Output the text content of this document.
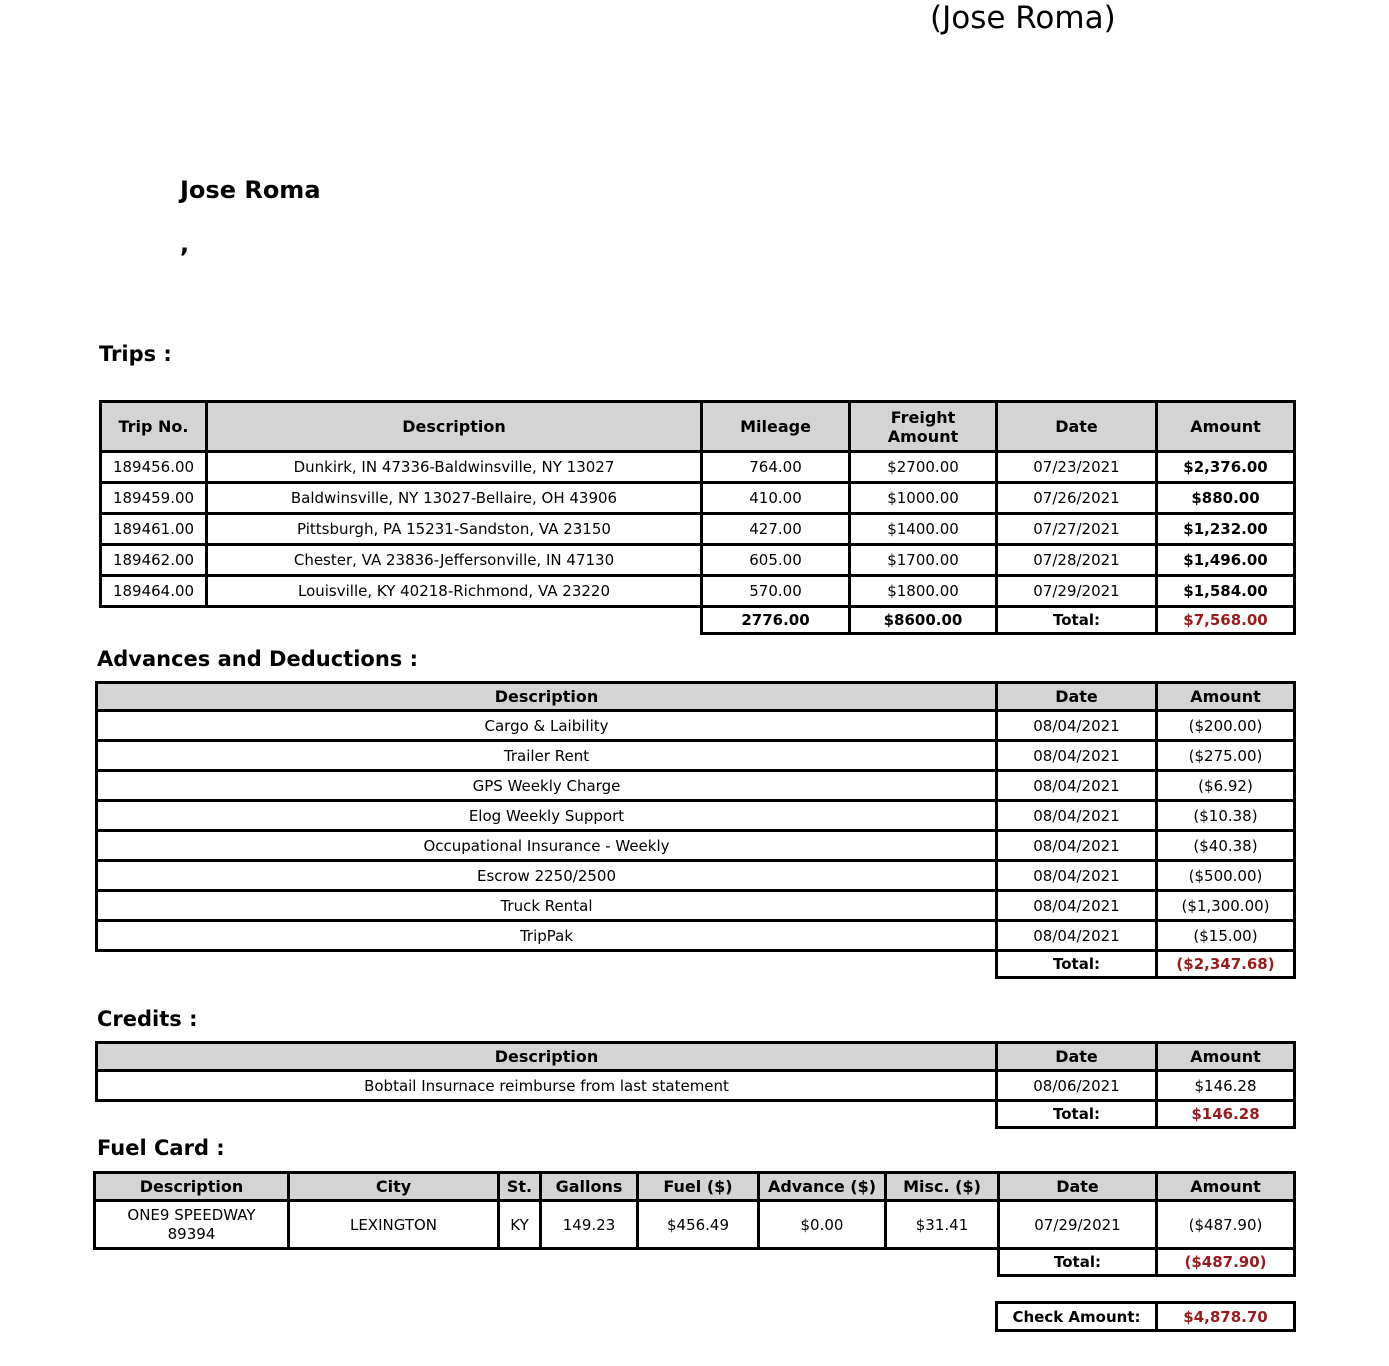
(Jose Roma)
Jose Roma
,
Trips :
Trip No.	Description	Mileage	Freight Amount	Date	Amount
189456.00	Dunkirk, IN 47336-Baldwinsville, NY 13027	764.00	$2700.00	07/23/2021	$2,376.00
189459.00	Baldwinsville, NY 13027-Bellaire, OH 43906	410.00	$1000.00	07/26/2021	$880.00
189461.00	Pittsburgh, PA 15231-Sandston, VA 23150	427.00	$1400.00	07/27/2021	$1,232.00
189462.00	Chester, VA 23836-Jeffersonville, IN 47130	605.00	$1700.00	07/28/2021	$1,496.00
189464.00	Louisville, KY 40218-Richmond, VA 23220	570.00	$1800.00	07/29/2021	$1,584.00
		2776.00	$8600.00	Total:	$7,568.00
Advances and Deductions :
Description	Date	Amount
Cargo & Laibility	08/04/2021	($200.00)
Trailer Rent	08/04/2021	($275.00)
GPS Weekly Charge	08/04/2021	($6.92)
Elog Weekly Support	08/04/2021	($10.38)
Occupational Insurance - Weekly	08/04/2021	($40.38)
Escrow 2250/2500	08/04/2021	($500.00)
Truck Rental	08/04/2021	($1,300.00)
TripPak	08/04/2021	($15.00)
	Total:	($2,347.68)
Credits :
Description	Date	Amount
Bobtail Insurnace reimburse from last statement	08/06/2021	$146.28
	Total:	$146.28
Fuel Card :
Description	City	St.	Gallons	Fuel ($)	Advance ($)	Misc. ($)	Date	Amount
ONE9 SPEEDWAY 89394	LEXINGTON	KY	149.23	$456.49	$0.00	$31.41	07/29/2021	($487.90)
							Total:	($487.90)
Check Amount:	$4,878.70
